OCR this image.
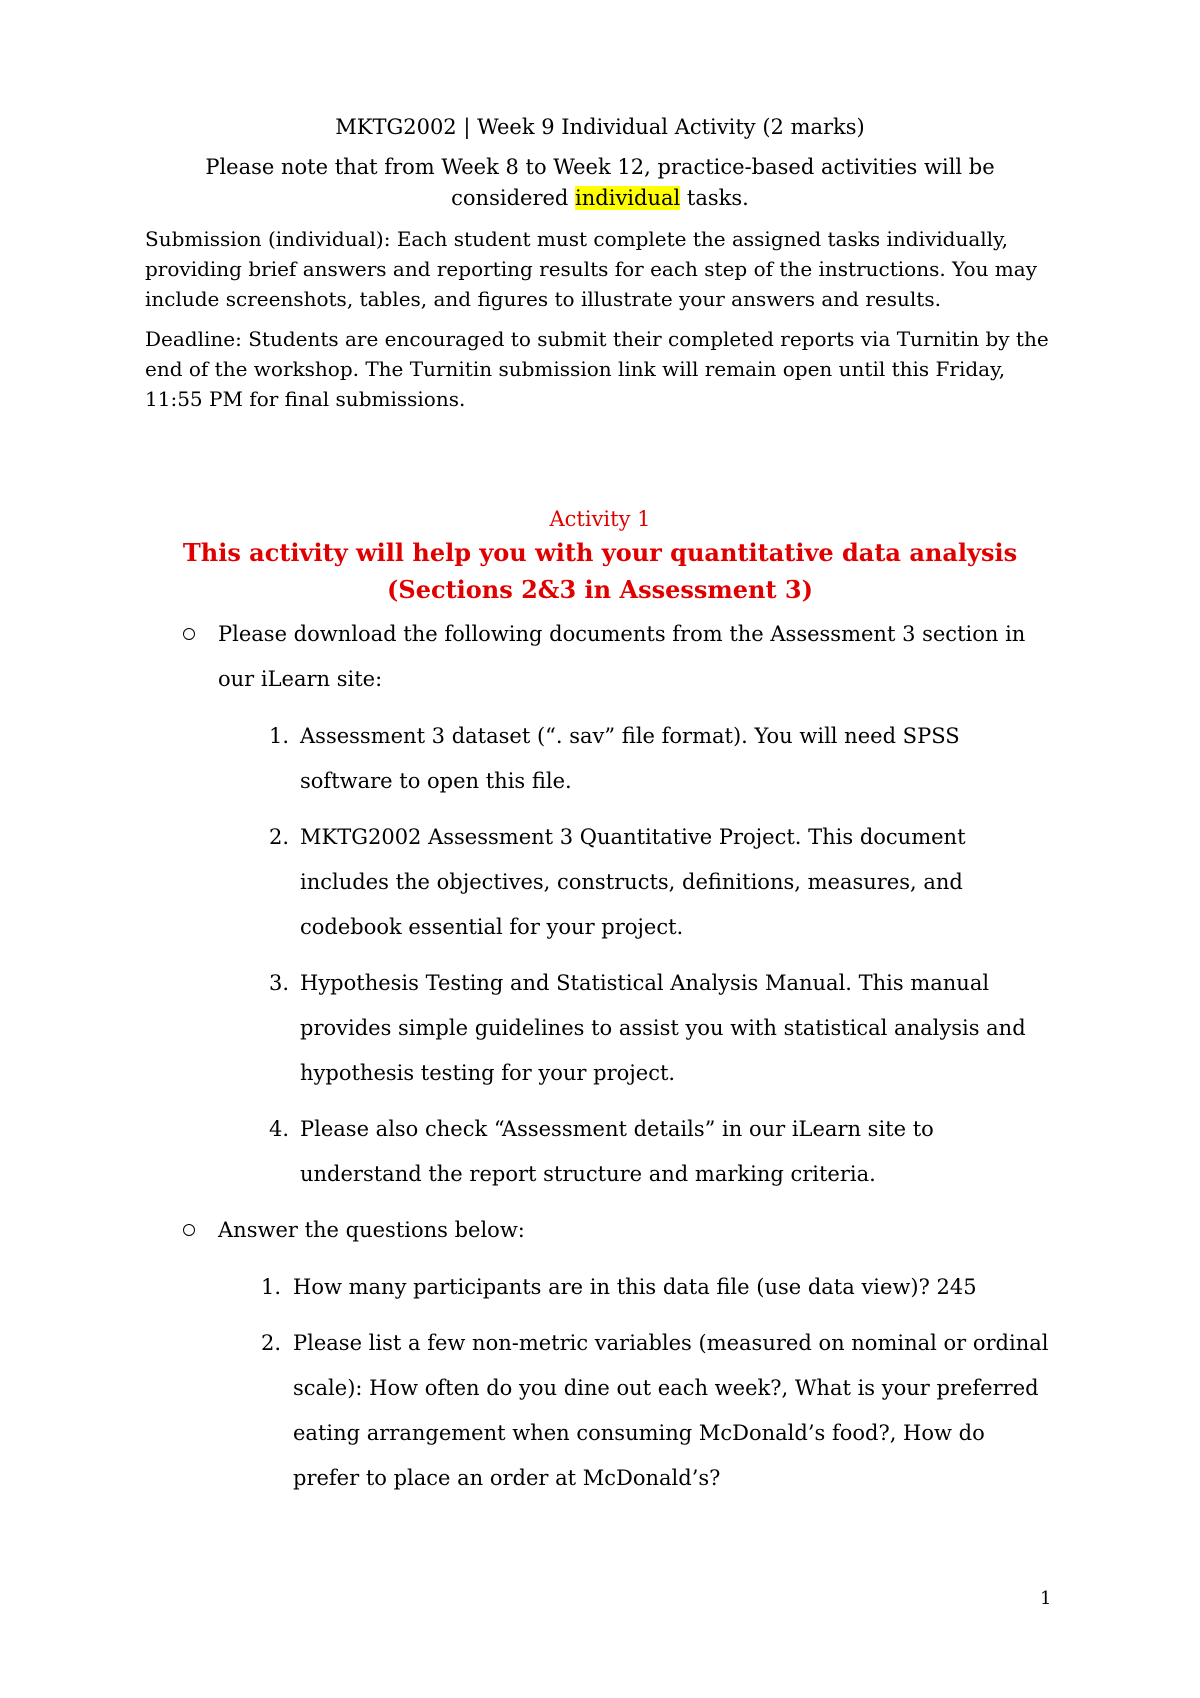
MKTG2002 | Week 9 Individual Activity (2 marks)

Please note that from Week 8 to Week 12, practice-based activities will be considered individual tasks.

Submission (individual): Each student must complete the assigned tasks individually, providing brief answers and reporting results for each step of the instructions. You may include screenshots, tables, and figures to illustrate your answers and results.

Deadline: Students are encouraged to submit their completed reports via Turnitin by the end of the workshop. The Turnitin submission link will remain open until this Friday, 11:55 PM for final submissions.

Activity 1

This activity will help you with your quantitative data analysis
(Sections 2&3 in Assessment 3)
Please download the following documents from the Assessment 3 section in our iLearn site:
1. Assessment 3 dataset (“. sav” file format). You will need SPSS software to open this file.
2. MKTG2002 Assessment 3 Quantitative Project. This document includes the objectives, constructs, definitions, measures, and codebook essential for your project.
3. Hypothesis Testing and Statistical Analysis Manual. This manual provides simple guidelines to assist you with statistical analysis and hypothesis testing for your project.
4. Please also check “Assessment details” in our iLearn site to understand the report structure and marking criteria.
Answer the questions below:
1. How many participants are in this data file (use data view)? 245
2. Please list a few non-metric variables (measured on nominal or ordinal scale): How often do you dine out each week?, What is your preferred eating arrangement when consuming McDonald’s food?, How do prefer to place an order at McDonald’s?
1
